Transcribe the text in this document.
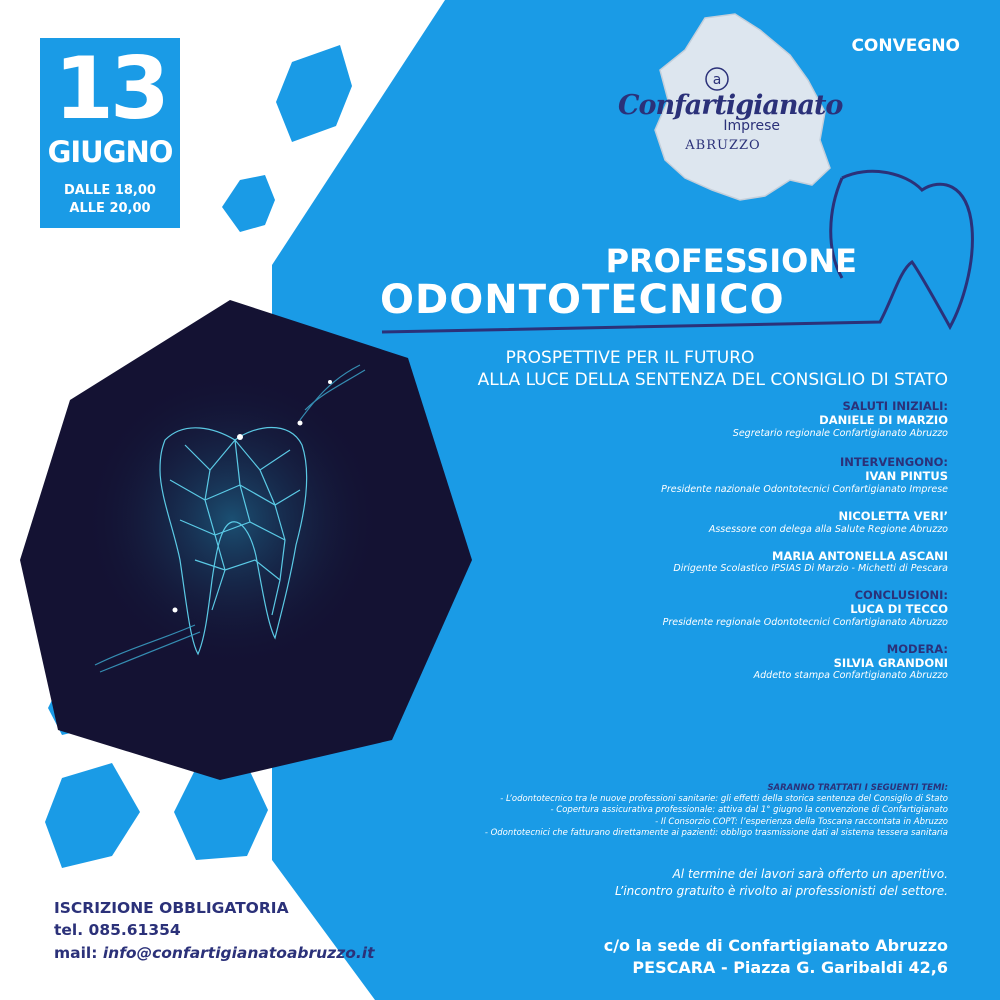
a
13
GIUGNO
DALLE 18,00
ALLE 20,00
CONVEGNO
Confartigianato
Imprese
ABRUZZO
PROFESSIONE
ODONTOTECNICO
PROSPETTIVE PER IL FUTURO
ALLA LUCE DELLA SENTENZA DEL CONSIGLIO DI STATO
SALUTI INIZIALI:
DANIELE DI MARZIO
Segretario regionale Confartigianato Abruzzo
INTERVENGONO:
IVAN PINTUS
Presidente nazionale Odontotecnici Confartigianato Imprese
NICOLETTA VERI’
Assessore con delega alla Salute Regione Abruzzo
MARIA ANTONELLA ASCANI
Dirigente Scolastico IPSIAS Di Marzio - Michetti di Pescara
CONCLUSIONI:
LUCA DI TECCO
Presidente regionale Odontotecnici Confartigianato Abruzzo
MODERA:
SILVIA GRANDONI
Addetto stampa Confartigianato Abruzzo
SARANNO TRATTATI I SEGUENTI TEMI:
- L’odontotecnico tra le nuove professioni sanitarie: gli effetti della storica sentenza del Consiglio di Stato
- Copertura assicurativa professionale: attiva dal 1° giugno la convenzione di Confartigianato
- Il Consorzio COPT: l’esperienza della Toscana raccontata in Abruzzo
- Odontotecnici che fatturano direttamente ai pazienti: obbligo trasmissione dati al sistema tessera sanitaria
Al termine dei lavori sarà offerto un aperitivo.
L’incontro gratuito è rivolto ai professionisti del settore.
c/o la sede di Confartigianato Abruzzo
PESCARA - Piazza G. Garibaldi 42,6
ISCRIZIONE OBBLIGATORIA
tel. 085.61354
mail: info@confartigianatoabruzzo.it
